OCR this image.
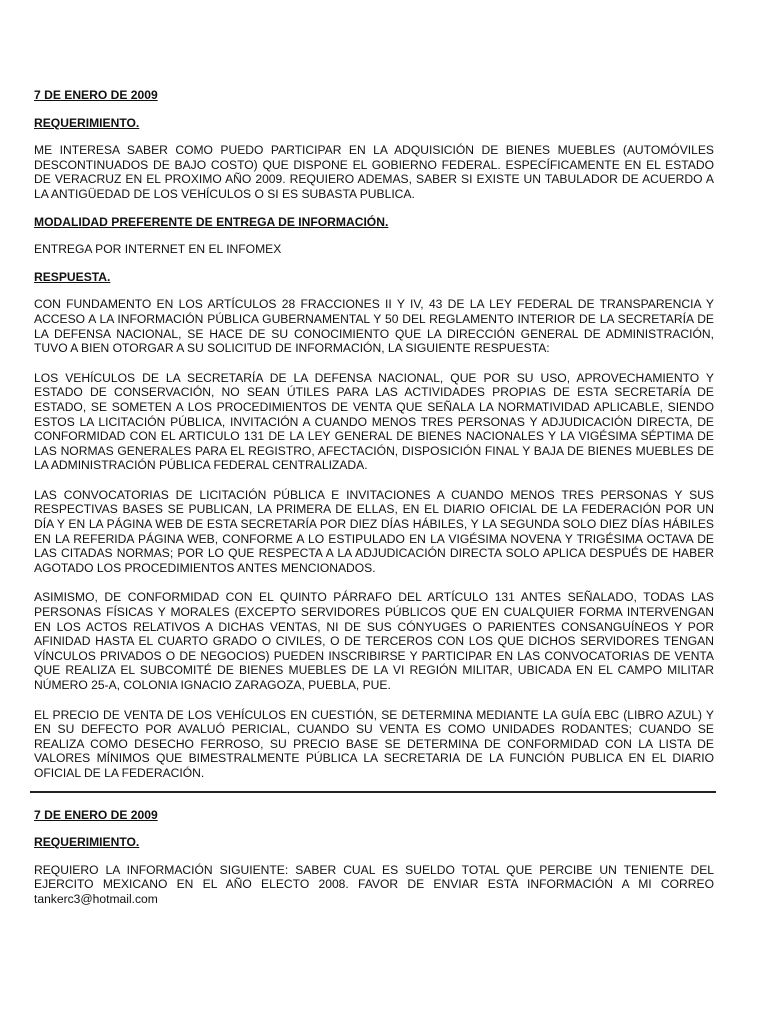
7 DE ENERO DE 2009

REQUERIMIENTO.

ME INTERESA SABER COMO PUEDO PARTICIPAR EN LA ADQUISICIÓN DE BIENES MUEBLES (AUTOMÓVILES DESCONTINUADOS DE BAJO COSTO) QUE DISPONE EL GOBIERNO FEDERAL. ESPECÍFICAMENTE EN EL ESTADO DE VERACRUZ EN EL PROXIMO AÑO 2009. REQUIERO ADEMAS, SABER SI EXISTE UN TABULADOR DE ACUERDO A LA ANTIGÜEDAD DE LOS VEHÍCULOS O SI ES SUBASTA PUBLICA.

MODALIDAD PREFERENTE DE ENTREGA DE INFORMACIÓN.

ENTREGA POR INTERNET EN EL INFOMEX

RESPUESTA.

CON FUNDAMENTO EN LOS ARTÍCULOS 28 FRACCIONES II Y IV, 43 DE LA LEY FEDERAL DE TRANSPARENCIA Y ACCESO A LA INFORMACIÓN PÚBLICA GUBERNAMENTAL Y 50 DEL REGLAMENTO INTERIOR DE LA SECRETARÍA DE LA DEFENSA NACIONAL, SE HACE DE SU CONOCIMIENTO QUE LA DIRECCIÓN GENERAL DE ADMINISTRACIÓN, TUVO A BIEN OTORGAR A SU SOLICITUD DE INFORMACIÓN, LA SIGUIENTE RESPUESTA:

LOS VEHÍCULOS DE LA SECRETARÍA DE LA DEFENSA NACIONAL, QUE POR SU USO, APROVECHAMIENTO Y ESTADO DE CONSERVACIÓN, NO SEAN ÚTILES PARA LAS ACTIVIDADES PROPIAS DE ESTA SECRETARÍA DE ESTADO, SE SOMETEN A LOS PROCEDIMIENTOS DE VENTA QUE SEÑALA LA NORMATIVIDAD APLICABLE, SIENDO ESTOS LA LICITACIÓN PÚBLICA, INVITACIÓN A CUANDO MENOS TRES PERSONAS Y ADJUDICACIÓN DIRECTA, DE CONFORMIDAD CON EL ARTICULO 131 DE LA LEY GENERAL DE BIENES NACIONALES Y LA VIGÉSIMA SÉPTIMA DE LAS NORMAS GENERALES PARA EL REGISTRO, AFECTACIÓN, DISPOSICIÓN FINAL Y BAJA DE BIENES MUEBLES DE LA ADMINISTRACIÓN PÚBLICA FEDERAL CENTRALIZADA.

LAS CONVOCATORIAS DE LICITACIÓN PÚBLICA E INVITACIONES A CUANDO MENOS TRES PERSONAS Y SUS RESPECTIVAS BASES SE PUBLICAN, LA PRIMERA DE ELLAS, EN EL DIARIO OFICIAL DE LA FEDERACIÓN POR UN DÍA Y EN LA PÁGINA WEB DE ESTA SECRETARÍA POR DIEZ DÍAS HÁBILES, Y LA SEGUNDA SOLO DIEZ DÍAS HÁBILES EN LA REFERIDA PÁGINA WEB, CONFORME A LO ESTIPULADO EN LA VIGÉSIMA NOVENA Y TRIGÉSIMA OCTAVA DE LAS CITADAS NORMAS; POR LO QUE RESPECTA A LA ADJUDICACIÓN DIRECTA SOLO APLICA DESPUÉS DE HABER AGOTADO LOS PROCEDIMIENTOS ANTES MENCIONADOS.

ASIMISMO, DE CONFORMIDAD CON EL QUINTO PÁRRAFO DEL ARTÍCULO 131 ANTES SEÑALADO, TODAS LAS PERSONAS FÍSICAS Y MORALES (EXCEPTO SERVIDORES PÚBLICOS QUE EN CUALQUIER FORMA INTERVENGAN EN LOS ACTOS RELATIVOS A DICHAS VENTAS, NI DE SUS CÓNYUGES O PARIENTES CONSANGUÍNEOS Y POR AFINIDAD HASTA EL CUARTO GRADO O CIVILES, O DE TERCEROS CON LOS QUE DICHOS SERVIDORES TENGAN VÍNCULOS PRIVADOS O DE NEGOCIOS) PUEDEN INSCRIBIRSE Y PARTICIPAR EN LAS CONVOCATORIAS DE VENTA QUE REALIZA EL SUBCOMITÉ DE BIENES MUEBLES DE LA VI REGIÓN MILITAR, UBICADA EN EL CAMPO MILITAR NÚMERO 25-A, COLONIA IGNACIO ZARAGOZA, PUEBLA, PUE.

EL PRECIO DE VENTA DE LOS VEHÍCULOS EN CUESTIÓN, SE DETERMINA MEDIANTE LA GUÍA EBC (LIBRO AZUL) Y EN SU DEFECTO POR AVALUÓ PERICIAL, CUANDO SU VENTA ES COMO UNIDADES RODANTES; CUANDO SE REALIZA COMO DESECHO FERROSO, SU PRECIO BASE SE DETERMINA DE CONFORMIDAD CON LA LISTA DE VALORES MÍNIMOS QUE BIMESTRALMENTE PÚBLICA LA SECRETARIA DE LA FUNCIÓN PUBLICA EN EL DIARIO OFICIAL DE LA FEDERACIÓN.

7 DE ENERO DE 2009

REQUERIMIENTO.

REQUIERO LA INFORMACIÓN SIGUIENTE: SABER CUAL ES SUELDO TOTAL QUE PERCIBE UN TENIENTE DEL EJERCITO MEXICANO EN EL AÑO ELECTO 2008. FAVOR DE ENVIAR ESTA INFORMACIÓN A MI CORREO tankerc3@hotmail.com
